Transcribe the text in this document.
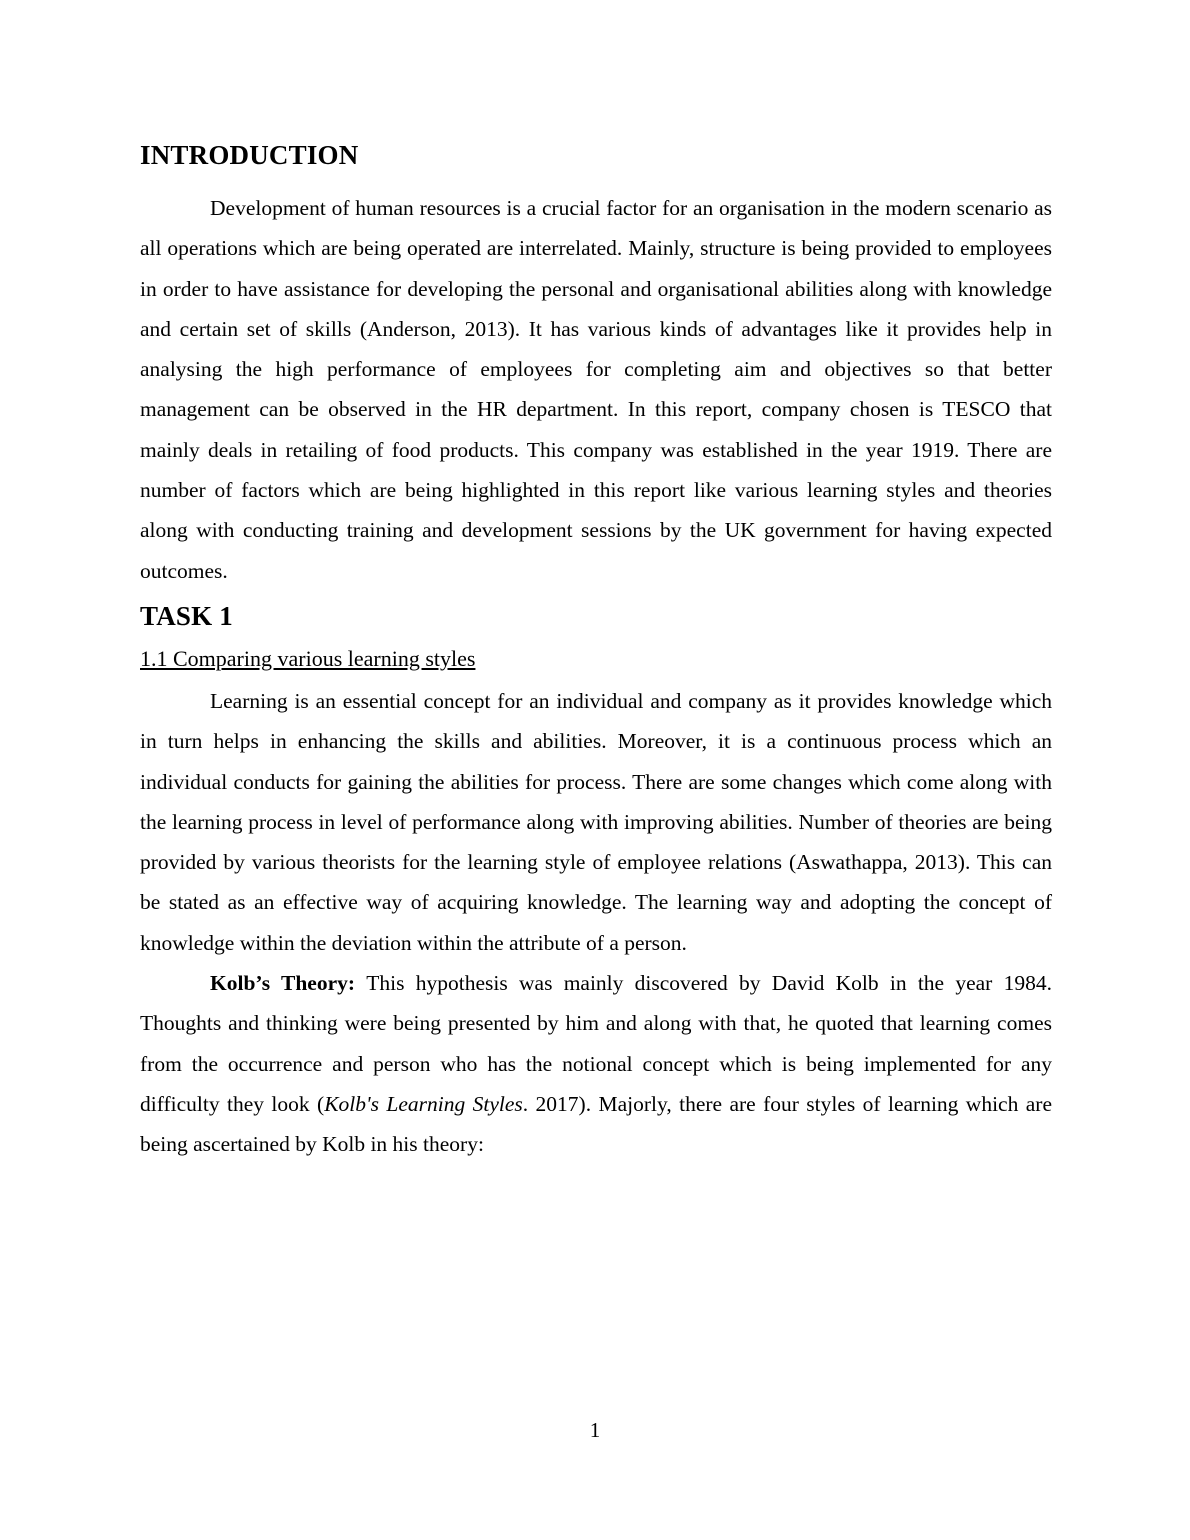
INTRODUCTION

Development of human resources is a crucial factor for an organisation in the modern scenario as all operations which are being operated are interrelated. Mainly, structure is being provided to employees in order to have assistance for developing the personal and organisational abilities along with knowledge and certain set of skills (Anderson, 2013). It has various kinds of advantages like it provides help in analysing the high performance of employees for completing aim and objectives so that better management can be observed in the HR department. In this report, company chosen is TESCO that mainly deals in retailing of food products. This company was established in the year 1919. There are number of factors which are being highlighted in this report like various learning styles and theories along with conducting training and development sessions by the UK government for having expected outcomes.

TASK 1
1.1 Comparing various learning styles

Learning is an essential concept for an individual and company as it provides knowledge which in turn helps in enhancing the skills and abilities. Moreover, it is a continuous process which an individual conducts for gaining the abilities for process. There are some changes which come along with the learning process in level of performance along with improving abilities. Number of theories are being provided by various theorists for the learning style of employee relations (Aswathappa, 2013). This can be stated as an effective way of acquiring knowledge. The learning way and adopting the concept of knowledge within the deviation within the attribute of a person.

Kolb’s Theory: This hypothesis was mainly discovered by David Kolb in the year 1984. Thoughts and thinking were being presented by him and along with that, he quoted that learning comes from the occurrence and person who has the notional concept which is being implemented for any difficulty they look (Kolb's Learning Styles. 2017). Majorly, there are four styles of learning which are being ascertained by Kolb in his theory:

1
